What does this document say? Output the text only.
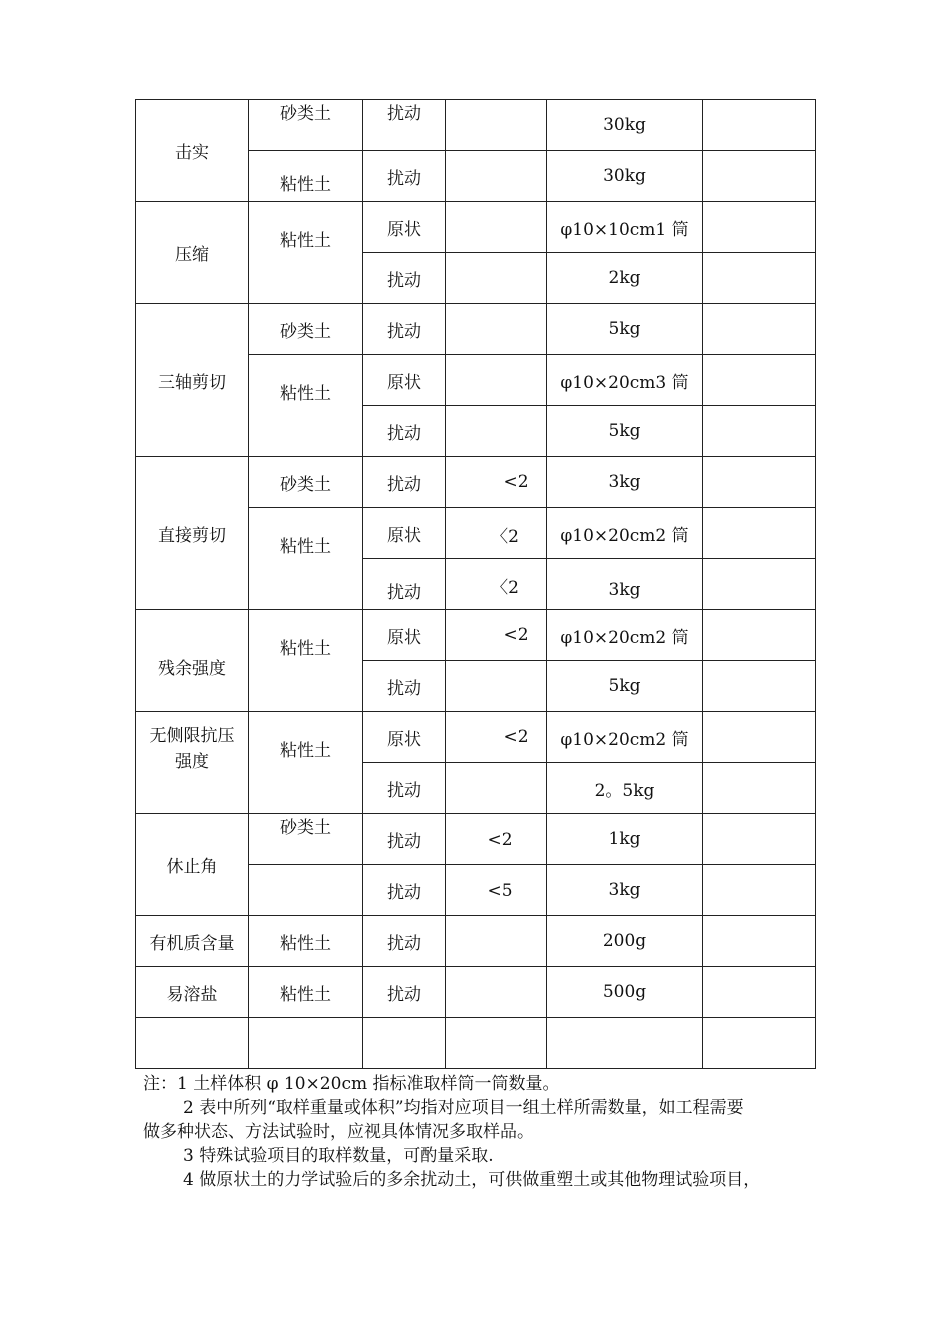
击实	砂类土	扰动		30kg	

	粘性土	扰动		30kg	
压缩	粘性土	原状		φ10×10cm1 筒	
		扰动		2kg	
三轴剪切	砂类土	扰动		5kg	
	粘性土	原状		φ10×20cm3 筒	
		扰动		5kg	
直接剪切	砂类土	扰动	<2	3kg	
	粘性土	原状	〈2	φ10×20cm2 筒	
		扰动	〈2	3kg	

残余强度	粘性土	原状	<2	φ10×20cm2 筒	
		扰动		5kg	
无侧限抗压
强度	粘性土	原状	<2	φ10×20cm2 筒	
		扰动		2。5kg	
休止角	砂类土	扰动	<2	1kg	
		扰动	<5	3kg	
有机质含量	粘性土	扰动		200g	
易溶盐	粘性土	扰动		500g	

注：1 土样体积 φ 10×20cm 指标准取样筒一筒数量。

2 表中所列“取样重量或体积”均指对应项目一组土样所需数量，如工程需要

做多种状态、方法试验时，应视具体情况多取样品。

3 特殊试验项目的取样数量，可酌量采取.

4 做原状土的力学试验后的多余扰动土，可供做重塑土或其他物理试验项目，
